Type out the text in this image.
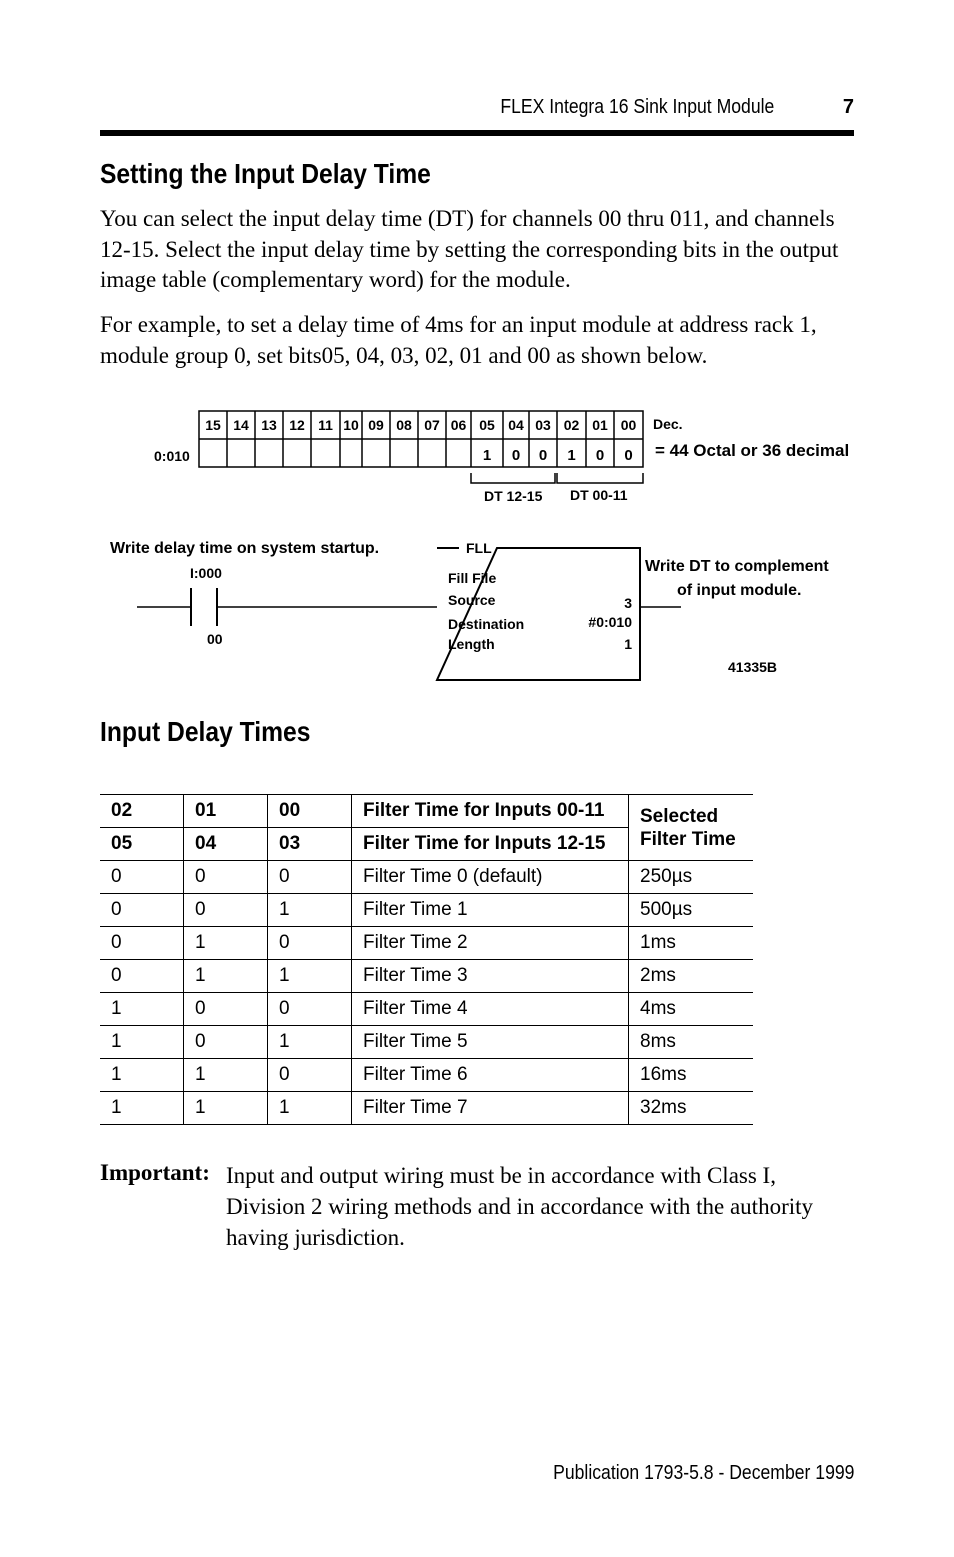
FLEX Integra 16 Sink Input Module	7
Setting the Input Delay Time
You can select the input delay time (DT) for channels 00 thru 011, and channels 12-15. Select the input delay time by setting the corresponding bits in the output image table (complementary word) for the module.
For example, to set a delay time of 4ms for an input module at address rack 1, module group 0, set bits05, 04, 03, 02, 01 and 00 as shown below.
15 14 13 12 11 10 09 08 07 06 05 04 03 02 01 00
1 0 0 1 0 0
0:010
Dec.
= 44 Octal or 36 decimal
DT 12-15 DT 00-11
Write delay time on system startup.
I:000
00
FLL
Fill File
Source	3
Destination	#0:010
Length	1
Write DT to complement
of input module.
41335B
Input Delay Times
02	01	00	Filter Time for Inputs 00-11	Selected
Filter Time
05	04	03	Filter Time for Inputs 12-15	
0	0	0	Filter Time 0 (default)	250µs
0	0	1	Filter Time 1	500µs
0	1	0	Filter Time 2	1ms
0	1	1	Filter Time 3	2ms
1	0	0	Filter Time 4	4ms
1	0	1	Filter Time 5	8ms
1	1	0	Filter Time 6	16ms
1	1	1	Filter Time 7	32ms
Important: Input and output wiring must be in accordance with Class I, Division 2 wiring methods and in accordance with the authority having jurisdiction.
Publication 1793-5.8 - December 1999
